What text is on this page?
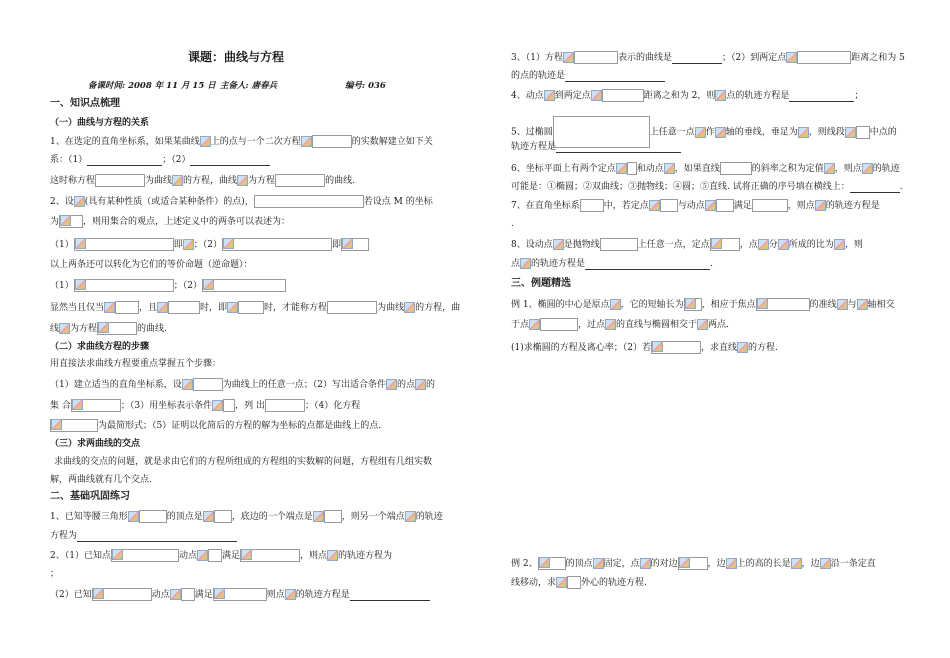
课题：曲线与方程
备课时间: 2008 年 11 月 15 日 主备人: 唐春兵	编号: 036
一、知识点梳理
（一）曲线与方程的关系
1、在选定的直角坐标系，如果某曲线 上的点与一个二次方程	的实数解建立如下关
系：（1）	；（2）
这时称方程	为曲线 的方程，曲线 为方程	的曲线.
2、设 (具有某种性质（或适合某种条件）的点)，	若设点 M 的坐标
为	，则用集合的观点，上述定义中的两条可以表述为：
（1）	即 ；（2）	即
以上两条还可以转化为它们的等价命题（逆命题）：
（1）	；（2）
显然当且仅当	，且	时，即	时，才能称方程	为曲线 的方程，曲
线 为方程	的曲线.
（二）求曲线方程的步骤
用直接法求曲线方程要重点掌握五个步骤：
（1）建立适当的直角坐标系，设	为曲线上的任意一点；（2）写出适合条件 的点 的
集 合	；（3）用坐标表示条件	，列 出	；（4）化方程
为最简形式；（5）证明以化简后的方程的解为坐标的点都是曲线上的点.
（三）求两曲线的交点
求曲线的交点的问题，就是求由它们的方程所组成的方程组的实数解的问题，方程组有几组实数
解，两曲线就有几个交点.
二、基础巩固练习
1、已知等腰三角形	的顶点是	，底边的一个端点是	，则另一个端点 的轨迹
方程为
2、（1）已知点	动点	满足	，则点 的轨迹方程为
；
（2）已知	动点	满足	则点 的轨迹方程是
3、（1）方程	表示的曲线是	；（2）到两定点	距离之和为 5
的点的轨迹是
4、动点 到两定点	距离之和为 2，则 点的轨迹方程是	；
5、过椭圆	上任意一点 作 轴的垂线，垂足为 ，则线段	中点的
轨迹方程是
6、坐标平面上有两个定点 和动点 ，如果直线	的斜率之积为定值 ，则点 的轨迹
可能是：①椭圆；②双曲线；③抛物线；④圆；⑤直线. 试将正确的序号填在横线上：	.
7、在直角坐标系	中，若定点	与动点	满足	，则点 的轨迹方程是
.
8、设动点 是抛物线	上任意一点，定点	，点 分 所成的比为 ，则
点 的轨迹方程是	.
三、例题精选
例 1、椭圆的中心是原点 ，它的短轴长为 ，相应于焦点	的准线 与 轴相交
于点	，过点 的直线与椭圆相交于 两点.
(1)求椭圆的方程及离心率；（2）若	，求直线 的方程.
例 2、	的顶点 固定，点 的对边	，边 上的高的长是 ，边 沿一条定直
线移动，求	外心的轨迹方程.
